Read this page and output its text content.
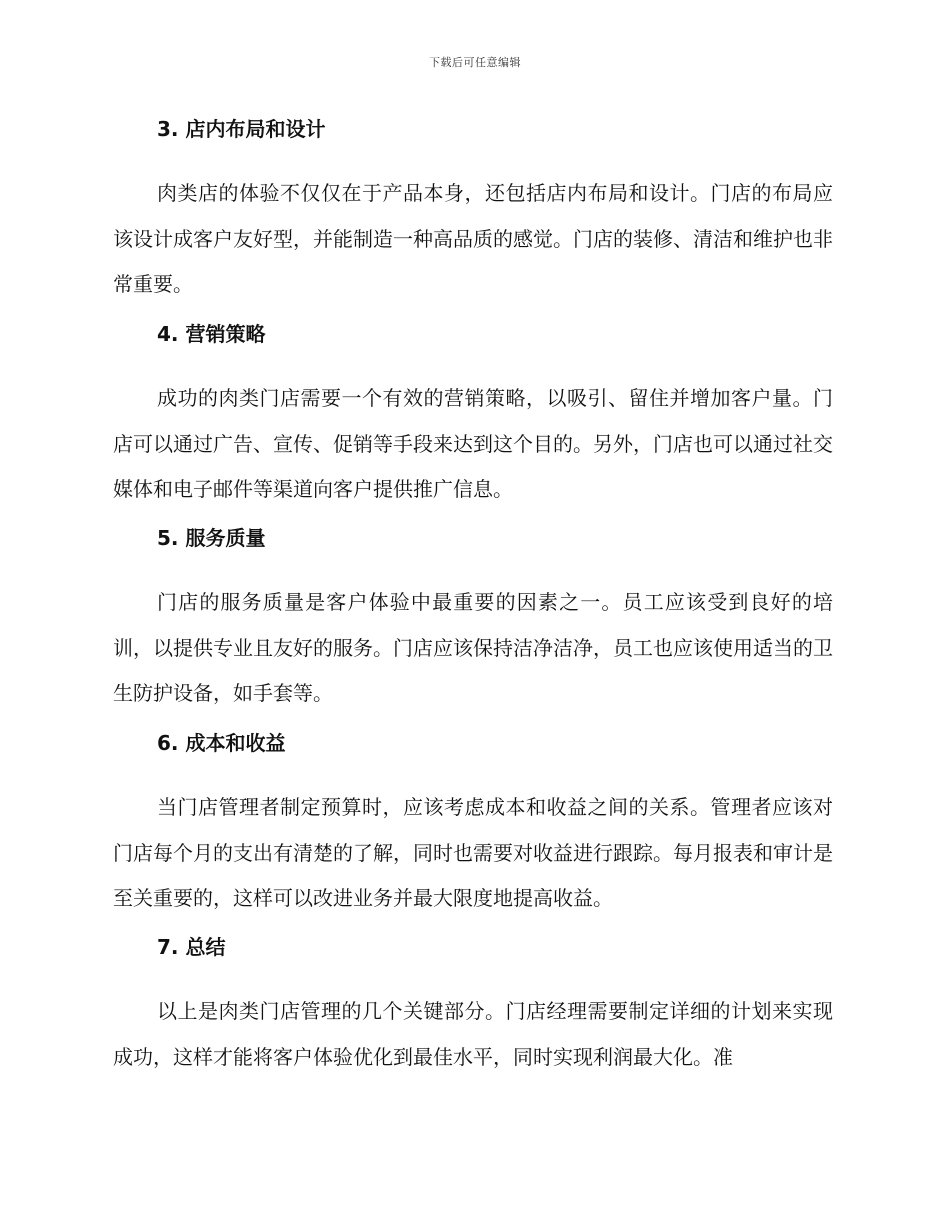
下载后可任意编辑
3. 店内布局和设计

肉类店的体验不仅仅在于产品本身，还包括店内布局和设计。门店的布局应该设计成客户友好型，并能制造一种高品质的感觉。门店的装修、清洁和维护也非常重要。

4. 营销策略

成功的肉类门店需要一个有效的营销策略，以吸引、留住并增加客户量。门店可以通过广告、宣传、促销等手段来达到这个目的。另外，门店也可以通过社交媒体和电子邮件等渠道向客户提供推广信息。

5. 服务质量

门店的服务质量是客户体验中最重要的因素之一。员工应该受到良好的培训，以提供专业且友好的服务。门店应该保持洁净洁净，员工也应该使用适当的卫生防护设备，如手套等。

6. 成本和收益

当门店管理者制定预算时，应该考虑成本和收益之间的关系。管理者应该对门店每个月的支出有清楚的了解，同时也需要对收益进行跟踪。每月报表和审计是至关重要的，这样可以改进业务并最大限度地提高收益。

7. 总结

以上是肉类门店管理的几个关键部分。门店经理需要制定详细的计划来实现成功，这样才能将客户体验优化到最佳水平，同时实现利润最大化。准
